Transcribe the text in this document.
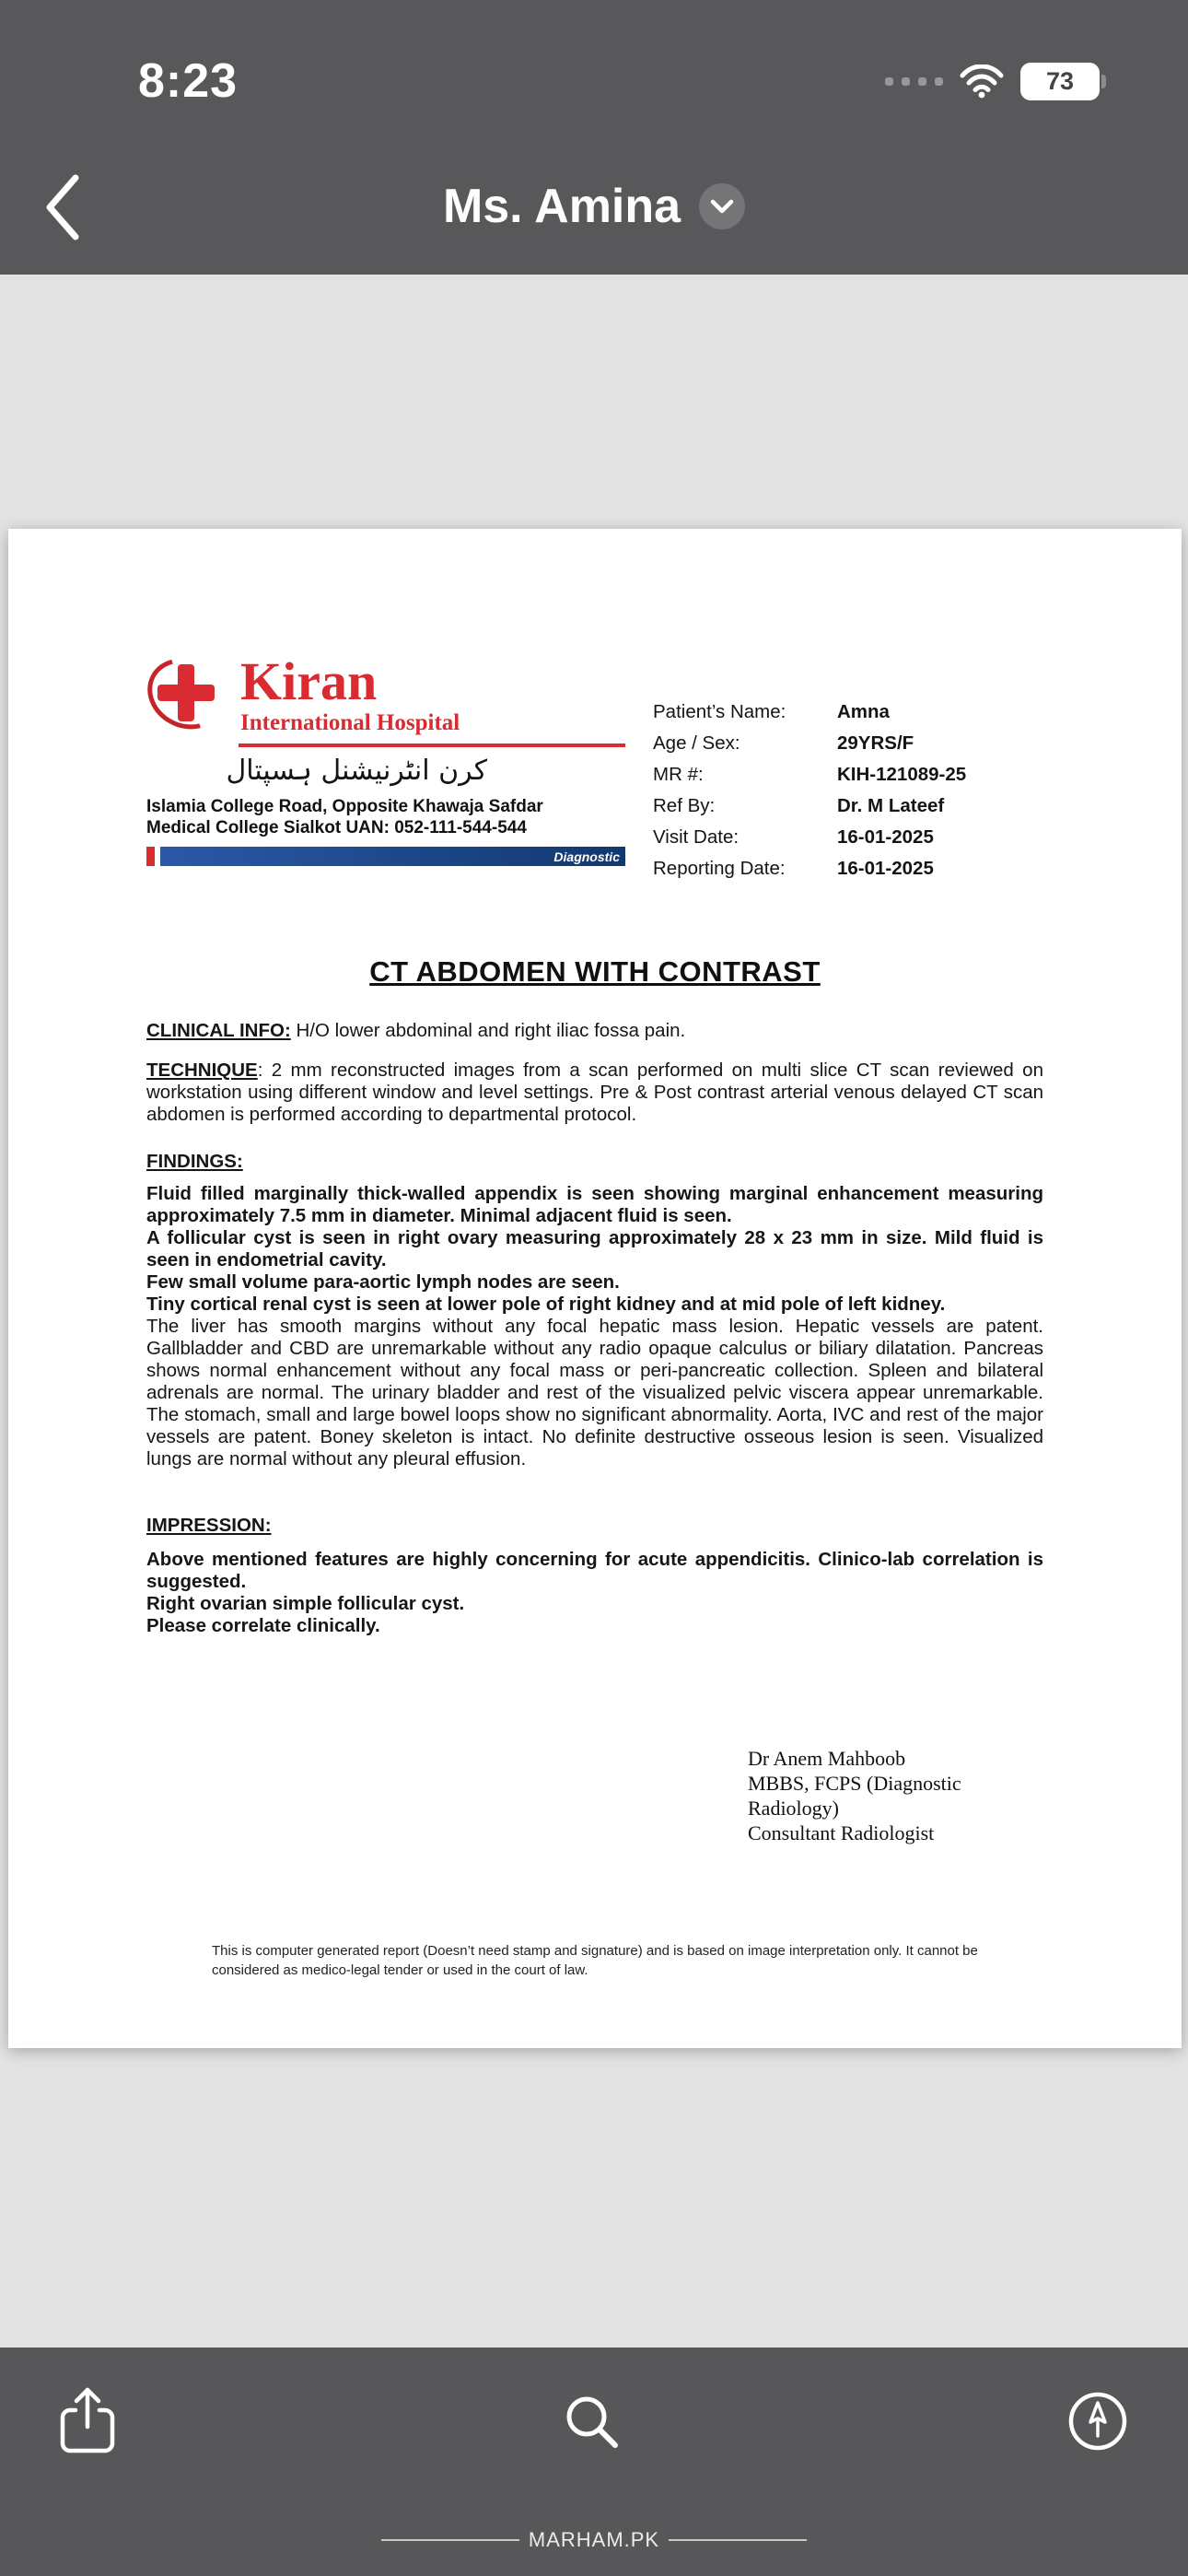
8:23	73
Ms. Amina
Kiran
International Hospital
کرن انٹرنیشنل ہسپتال
Islamia College Road, Opposite Khawaja Safdar
Medical College Sialkot UAN: 052-111-544-544
Diagnostic
Patient’s Name:	Amna
Age / Sex:	29YRS/F
MR #:	KIH-121089-25
Ref By:	Dr. M Lateef
Visit Date:	16-01-2025
Reporting Date:	16-01-2025
CT ABDOMEN WITH CONTRAST

CLINICAL INFO: H/O lower abdominal and right iliac fossa pain.

TECHNIQUE: 2 mm reconstructed images from a scan performed on multi slice CT scan reviewed on workstation using different window and level settings. Pre & Post contrast arterial venous delayed CT scan abdomen is performed according to departmental protocol.

FINDINGS:

Fluid filled marginally thick-walled appendix is seen showing marginal enhancement measuring approximately 7.5 mm in diameter. Minimal adjacent fluid is seen.

A follicular cyst is seen in right ovary measuring approximately 28 x 23 mm in size. Mild fluid is seen in endometrial cavity.

Few small volume para-aortic lymph nodes are seen.

Tiny cortical renal cyst is seen at lower pole of right kidney and at mid pole of left kidney.

The liver has smooth margins without any focal hepatic mass lesion. Hepatic vessels are patent. Gallbladder and CBD are unremarkable without any radio opaque calculus or biliary dilatation. Pancreas shows normal enhancement without any focal mass or peri-pancreatic collection. Spleen and bilateral adrenals are normal. The urinary bladder and rest of the visualized pelvic viscera appear unremarkable. The stomach, small and large bowel loops show no significant abnormality. Aorta, IVC and rest of the major vessels are patent. Boney skeleton is intact. No definite destructive osseous lesion is seen. Visualized lungs are normal without any pleural effusion.

IMPRESSION:

Above mentioned features are highly concerning for acute appendicitis. Clinico-lab correlation is suggested.

Right ovarian simple follicular cyst.

Please correlate clinically.

Dr Anem Mahboob
MBBS, FCPS (Diagnostic Radiology)
Consultant Radiologist

This is computer generated report (Doesn’t need stamp and signature) and is based on image interpretation only. It cannot be considered as medico-legal tender or used in the court of law.

MARHAM.PK
